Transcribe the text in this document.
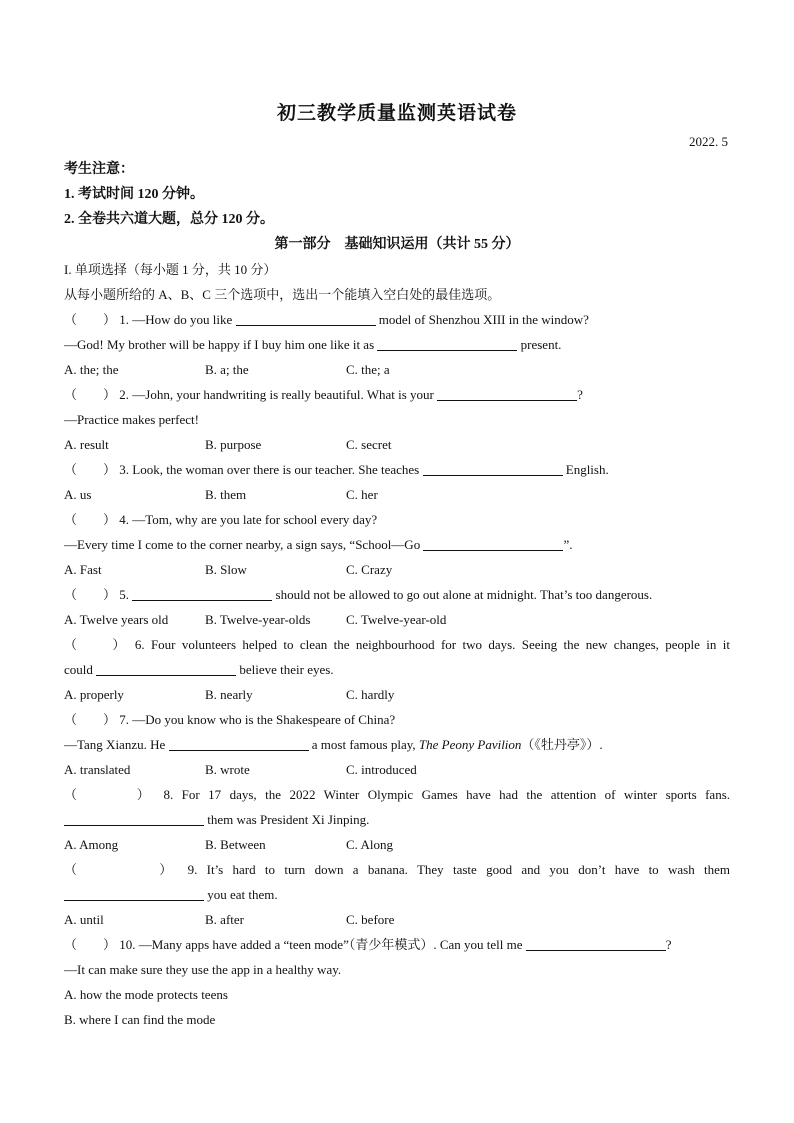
初三教学质量监测英语试卷
2022. 5
考生注意：
1. 考试时间 120 分钟。
2. 全卷共六道大题，总分 120 分。
第一部分　基础知识运用（共计 55 分）
I. 单项选择（每小题 1 分，共 10 分）
从每小题所给的 A、B、C 三个选项中，选出一个能填入空白处的最佳选项。
（　　） 1. —How do you like	model of Shenzhou XIII in the window?
—God! My brother will be happy if I buy him one like it as	present.
A. the; the	B. a; the	C. the; a
（　　） 2. —John, your handwriting is really beautiful. What is your	?
—Practice makes perfect!
A. result	B. purpose	C. secret
（　　） 3. Look, the woman over there is our teacher. She teaches	English.
A. us	B. them	C. her
（　　） 4. —Tom, why are you late for school every day?
—Every time I come to the corner nearby, a sign says, “School—Go	”.
A. Fast	B. Slow	C. Crazy
（　　） 5.	should not be allowed to go out alone at midnight. That’s too dangerous.
A. Twelve years old	B. Twelve-year-olds	C. Twelve-year-old
（　　） 6. Four volunteers helped to clean the neighbourhood for two days. Seeing the new changes, people in it
could	believe their eyes.
A. properly	B. nearly	C. hardly
（　　） 7. —Do you know who is the Shakespeare of China?
—Tang Xianzu. He	a most famous play, The Peony Pavilion（《牡丹亭》）.
A. translated	B. wrote	C. introduced
（　　　） 8. For 17 days, the 2022 Winter Olympic Games have had the attention of winter sports fans.
them was President Xi Jinping.
A. Among	B. Between	C. Along
（　　　　） 9. It’s hard to turn down a banana. They taste good and you don’t have to wash them
you eat them.
A. until	B. after	C. before
（　　） 10. —Many apps have added a “teen mode”（青少年模式）. Can you tell me	?
—It can make sure they use the app in a healthy way.
A. how the mode protects teens
B. where I can find the mode
